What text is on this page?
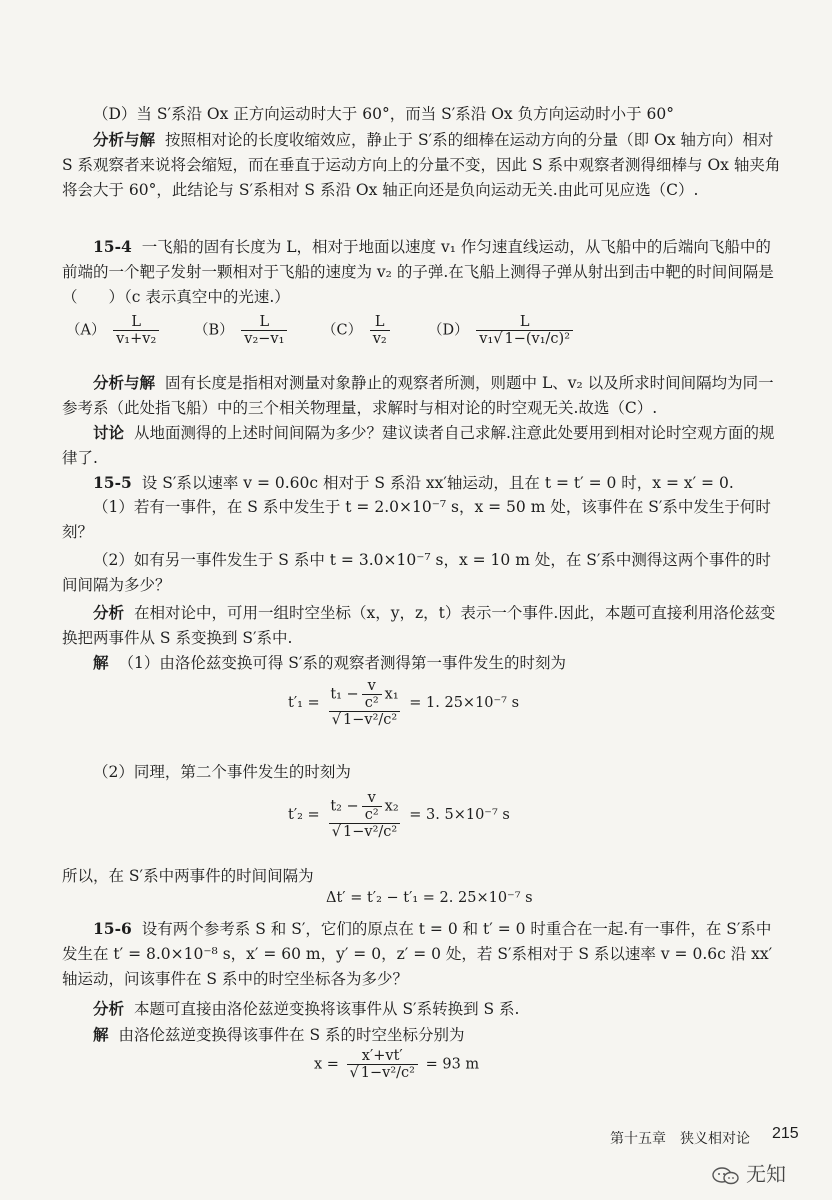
（D）当 S′系沿 Ox 正方向运动时大于 60°，而当 S′系沿 Ox 负方向运动时小于 60°

分析与解 按照相对论的长度收缩效应，静止于 S′系的细棒在运动方向的分量（即 Ox 轴方向）相对 S 系观察者来说将会缩短，而在垂直于运动方向上的分量不变，因此 S 系中观察者测得细棒与 Ox 轴夹角将会大于 60°，此结论与 S′系相对 S 系沿 Ox 轴正向还是负向运动无关.由此可见应选（C）.

15-4 一飞船的固有长度为 L，相对于地面以速度 v₁ 作匀速直线运动，从飞船中的后端向飞船中的前端的一个靶子发射一颗相对于飞船的速度为 v₂ 的子弹.在飞船上测得子弹从射出到击中靶的时间间隔是（　　）（c 表示真空中的光速.）

$(A) \frac{L}{\text{v₁+v₂}} (B) \frac{L}{\text{v₂−v₁}} (C) \frac{L}{\text{v₂}}$	$(D) \frac{L}{\text{v₁√ 1−(v₁/c)²}}$

分析与解 固有长度是指相对测量对象静止的观察者所测，则题中 L、v₂ 以及所求时间间隔均为同一参考系（此处指飞船）中的三个相关物理量，求解时与相对论的时空观无关.故选（C）.

讨论 从地面测得的上述时间间隔为多少？建议读者自己求解.注意此处要用到相对论时空观方面的规律了.

15-5 设 S′系以速率 v = 0.60c 相对于 S 系沿 xx′轴运动，且在 t = t′ = 0 时，x = x′ = 0.

（1）若有一事件，在 S 系中发生于 t = 2.0×10⁻⁷ s，x = 50 m 处，该事件在 S′系中发生于何时刻？

（2）如有另一事件发生于 S 系中 t = 3.0×10⁻⁷ s，x = 10 m 处，在 S′系中测得这两个事件的时间间隔为多少？

分析 在相对论中，可用一组时空坐标（x，y，z，t）表示一个事件.因此，本题可直接利用洛伦兹变换把两事件从 S 系变换到 S′系中.

解 （1）由洛伦兹变换可得 S′系的观察者测得第一事件发生的时刻为

$t'_1 = \frac{t_1 - \frac{v}{\text{c²}} x_1}{\text{√ 1−v²/c²}} = 1$. 25×10⁻⁷ s

（2）同理，第二个事件发生的时刻为

$t'_2 = \frac{t_2 - \frac{v}{\text{c²}} x_2}{\text{√ 1−v²/c²}} = 3$. 5×10⁻⁷ s

所以，在 S′系中两事件的时间间隔为

Δt′ = t′₂ − t′₁ = 2. 25×10⁻⁷ s

15-6 设有两个参考系 S 和 S′，它们的原点在 t = 0 和 t′ = 0 时重合在一起.有一事件，在 S′系中发生在 t′ = 8.0×10⁻⁸ s，x′ = 60 m，y′ = 0，z′ = 0 处，若 S′系相对于 S 系以速率 v = 0.6c 沿 xx′轴运动，问该事件在 S 系中的时空坐标各为多少？

分析 本题可直接由洛伦兹逆变换将该事件从 S′系转换到 S 系.

解 由洛伦兹逆变换得该事件在 S 系的时空坐标分别为

$x = \frac{x'+vt'}{\text{√ 1−v²/c²}} = 93$ m
第十五章　狭义相对论 215
无知
